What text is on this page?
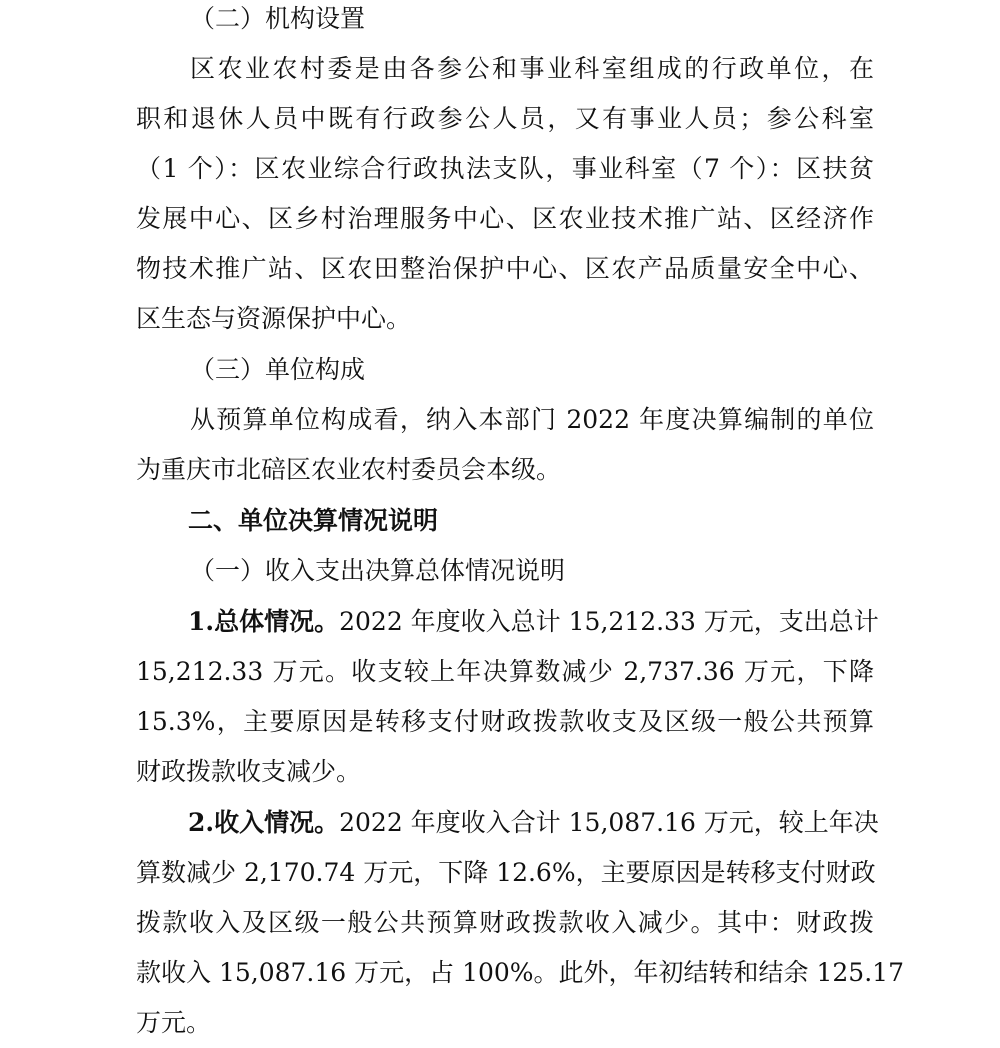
（二）机构设置
区农业农村委是由各参公和事业科室组成的行政单位，在
职和退休人员中既有行政参公人员，又有事业人员；参公科室
（1 个）：区农业综合行政执法支队，事业科室（7 个）：区扶贫
发展中心、区乡村治理服务中心、区农业技术推广站、区经济作
物技术推广站、区农田整治保护中心、区农产品质量安全中心、
区生态与资源保护中心。
（三）单位构成
从预算单位构成看，纳入本部门 2022 年度决算编制的单位
为重庆市北碚区农业农村委员会本级。
二、单位决算情况说明
（一）收入支出决算总体情况说明
1.总体情况。2022 年度收入总计 15,212.33 万元，支出总计
15,212.33 万元。收支较上年决算数减少 2,737.36 万元，下降
15.3%，主要原因是转移支付财政拨款收支及区级一般公共预算
财政拨款收支减少。
2.收入情况。2022 年度收入合计 15,087.16 万元，较上年决
算数减少 2,170.74 万元，下降 12.6%，主要原因是转移支付财政
拨款收入及区级一般公共预算财政拨款收入减少。其中：财政拨
款收入 15,087.16 万元，占 100%。此外，年初结转和结余 125.17
万元。
